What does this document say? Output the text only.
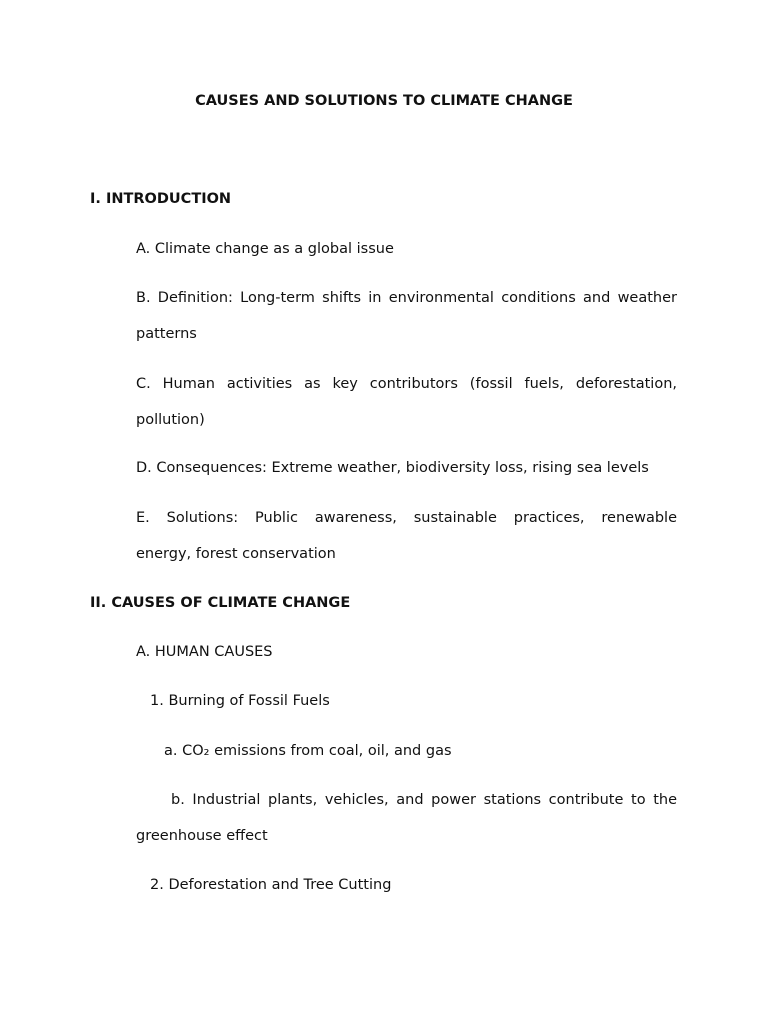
CAUSES AND SOLUTIONS TO CLIMATE CHANGE
I. INTRODUCTION
A. Climate change as a global issue
B. Definition: Long-term shifts in environmental conditions and weather
patterns
C. Human activities as key contributors (fossil fuels, deforestation,
pollution)
D. Consequences: Extreme weather, biodiversity loss, rising sea levels
E. Solutions: Public awareness, sustainable practices, renewable
energy, forest conservation
II. CAUSES OF CLIMATE CHANGE
A. HUMAN CAUSES
1. Burning of Fossil Fuels
a. CO₂ emissions from coal, oil, and gas
b. Industrial plants, vehicles, and power stations contribute to the
greenhouse effect
2. Deforestation and Tree Cutting
